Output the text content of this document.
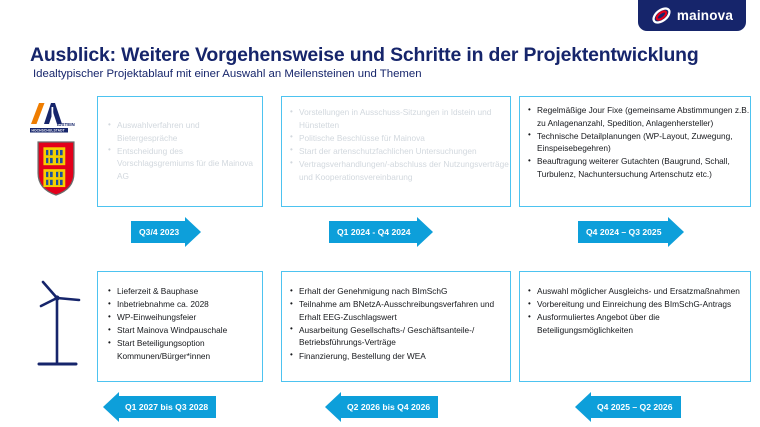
mainova
Ausblick: Weitere Vorgehensweise und Schritte in der Projektentwicklung
Idealtypischer Projektablauf mit einer Auswahl an Meilensteinen und Themen
IDSTEIN
HOCHSCHULSTADT
• Auswahlverfahren und Bietergespräche
• Entscheidung des Vorschlagsgremiums für die Mainova AG
• Vorstellungen in Ausschuss-Sitzungen in Idstein und Hünstetten
• Politische Beschlüsse für Mainova
• Start der artenschutzfachlichen Untersuchungen
• Vertragsverhandlungen/-abschluss der Nutzungsverträge und Kooperationsvereinbarung
• Regelmäßige Jour Fixe (gemeinsame Abstimmungen z.B. zu Anlagenanzahl, Spedition, Anlagenhersteller)
• Technische Detailplanungen (WP-Layout, Zuwegung, Einspeisebegehren)
• Beauftragung weiterer Gutachten (Baugrund, Schall, Turbulenz, Nachuntersuchung Artenschutz etc.)
• Lieferzeit & Bauphase
• Inbetriebnahme ca. 2028
• WP-Einweihungsfeier
• Start Mainova Windpauschale
• Start Beteiligungsoption Kommunen/Bürger*innen
• Erhalt der Genehmigung nach BImSchG
• Teilnahme am BNetzA-Ausschreibungsverfahren und Erhalt EEG-Zuschlagswert
• Ausarbeitung Gesellschafts-/ Geschäftsanteile-/ Betriebsführungs-Verträge
• Finanzierung, Bestellung der WEA
• Auswahl möglicher Ausgleichs- und Ersatzmaßnahmen
• Vorbereitung und Einreichung des BImSchG-Antrags
• Ausformuliertes Angebot über die Beteiligungsmöglichkeiten
Q3/4 2023	Q1 2024 - Q4 2024	Q4 2024 – Q3 2025
Q1 2027 bis Q3 2028	Q2 2026 bis Q4 2026	Q4 2025 – Q2 2026
